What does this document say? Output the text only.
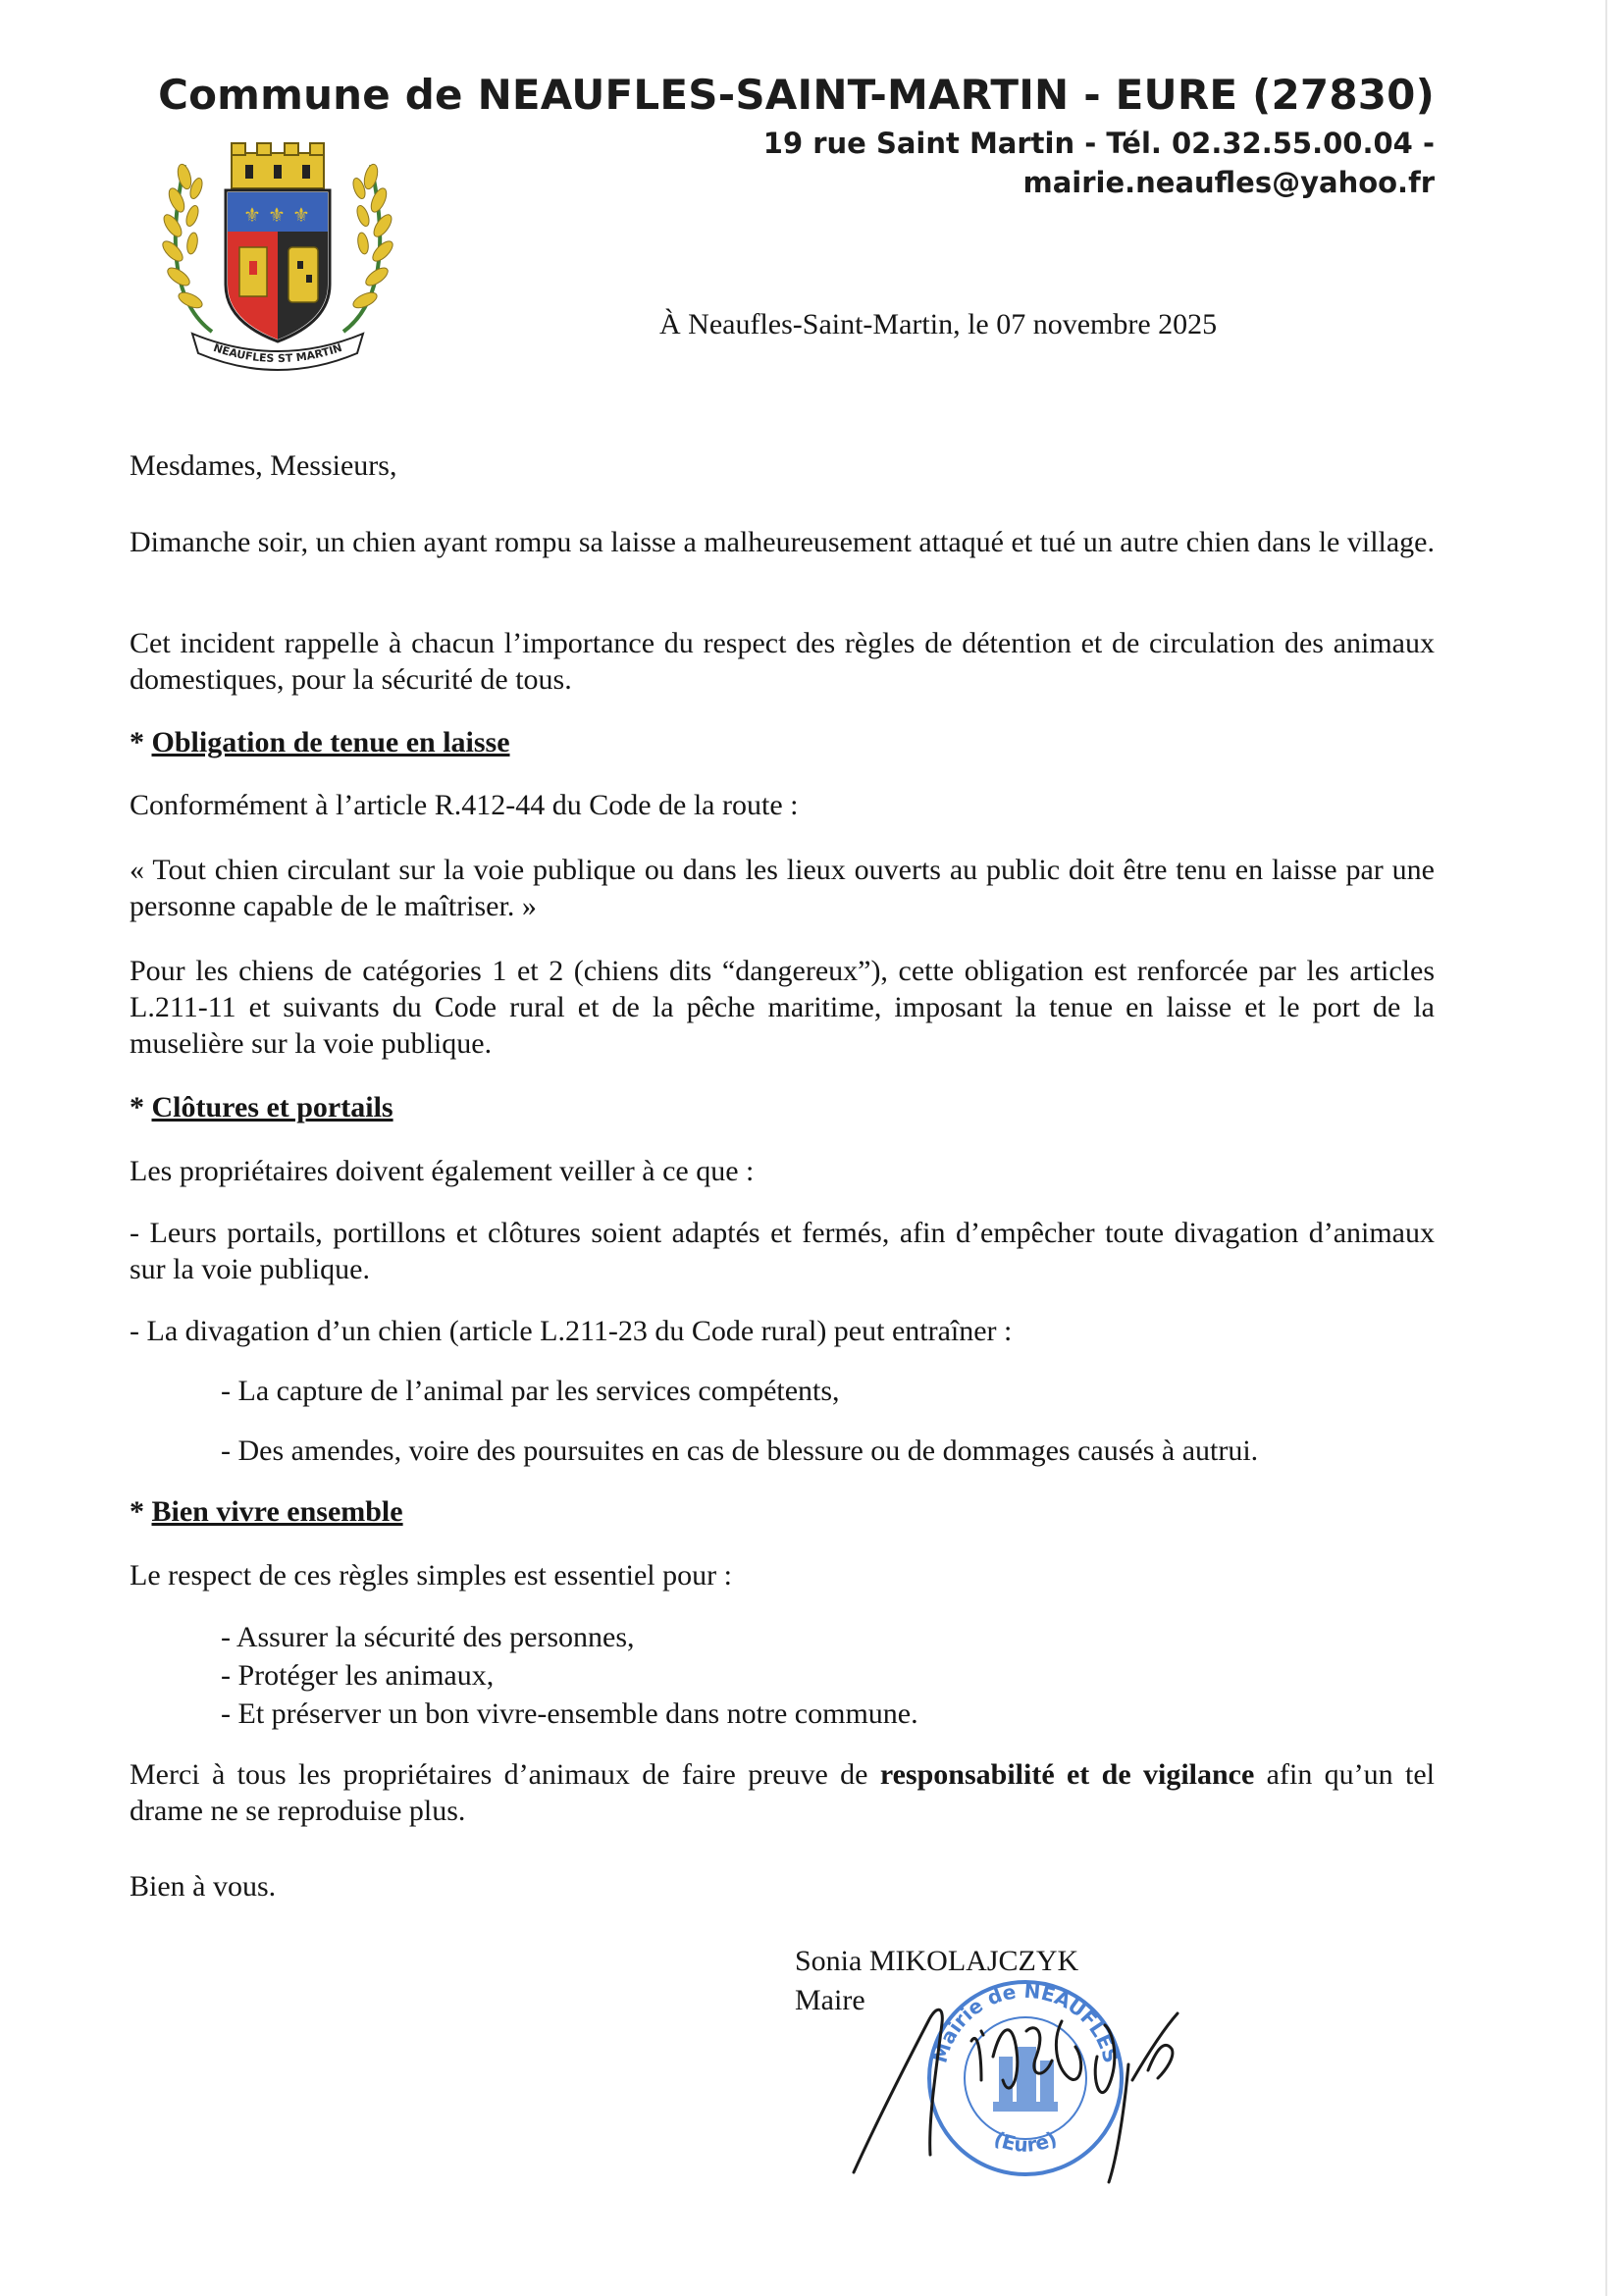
Commune de NEAUFLES-SAINT-MARTIN - EURE (27830)
19 rue Saint Martin - Tél. 02.32.55.00.04 -
mairie.neaufles@yahoo.fr
⚜ ⚜ ⚜
NEAUFLES ST MARTIN
À Neaufles-Saint-Martin, le 07 novembre 2025

Mesdames, Messieurs,

Dimanche soir, un chien ayant rompu sa laisse a malheureusement attaqué et tué un autre chien dans le village.

Cet incident rappelle à chacun l’importance du respect des règles de détention et de circulation des animaux domestiques, pour la sécurité de tous.

* Obligation de tenue en laisse

Conformément à l’article R.412-44 du Code de la route :

« Tout chien circulant sur la voie publique ou dans les lieux ouverts au public doit être tenu en laisse par une personne capable de le maîtriser. »

Pour les chiens de catégories 1 et 2 (chiens dits “dangereux”), cette obligation est renforcée par les articles L.211-11 et suivants du Code rural et de la pêche maritime, imposant la tenue en laisse et le port de la muselière sur la voie publique.

* Clôtures et portails

Les propriétaires doivent également veiller à ce que :

- Leurs portails, portillons et clôtures soient adaptés et fermés, afin d’empêcher toute divagation d’animaux sur la voie publique.

- La divagation d’un chien (article L.211-23 du Code rural) peut entraîner :

- La capture de l’animal par les services compétents,
- Des amendes, voire des poursuites en cas de blessure ou de dommages causés à autrui.

* Bien vivre ensemble

Le respect de ces règles simples est essentiel pour :

- Assurer la sécurité des personnes,
- Protéger les animaux,
- Et préserver un bon vivre-ensemble dans notre commune.

Merci à tous les propriétaires d’animaux de faire preuve de responsabilité et de vigilance afin qu’un tel drame ne se reproduise plus.

Bien à vous.

Sonia MIKOLAJCZYK
Maire
Mairie de NEAUFLES
(Eure)
